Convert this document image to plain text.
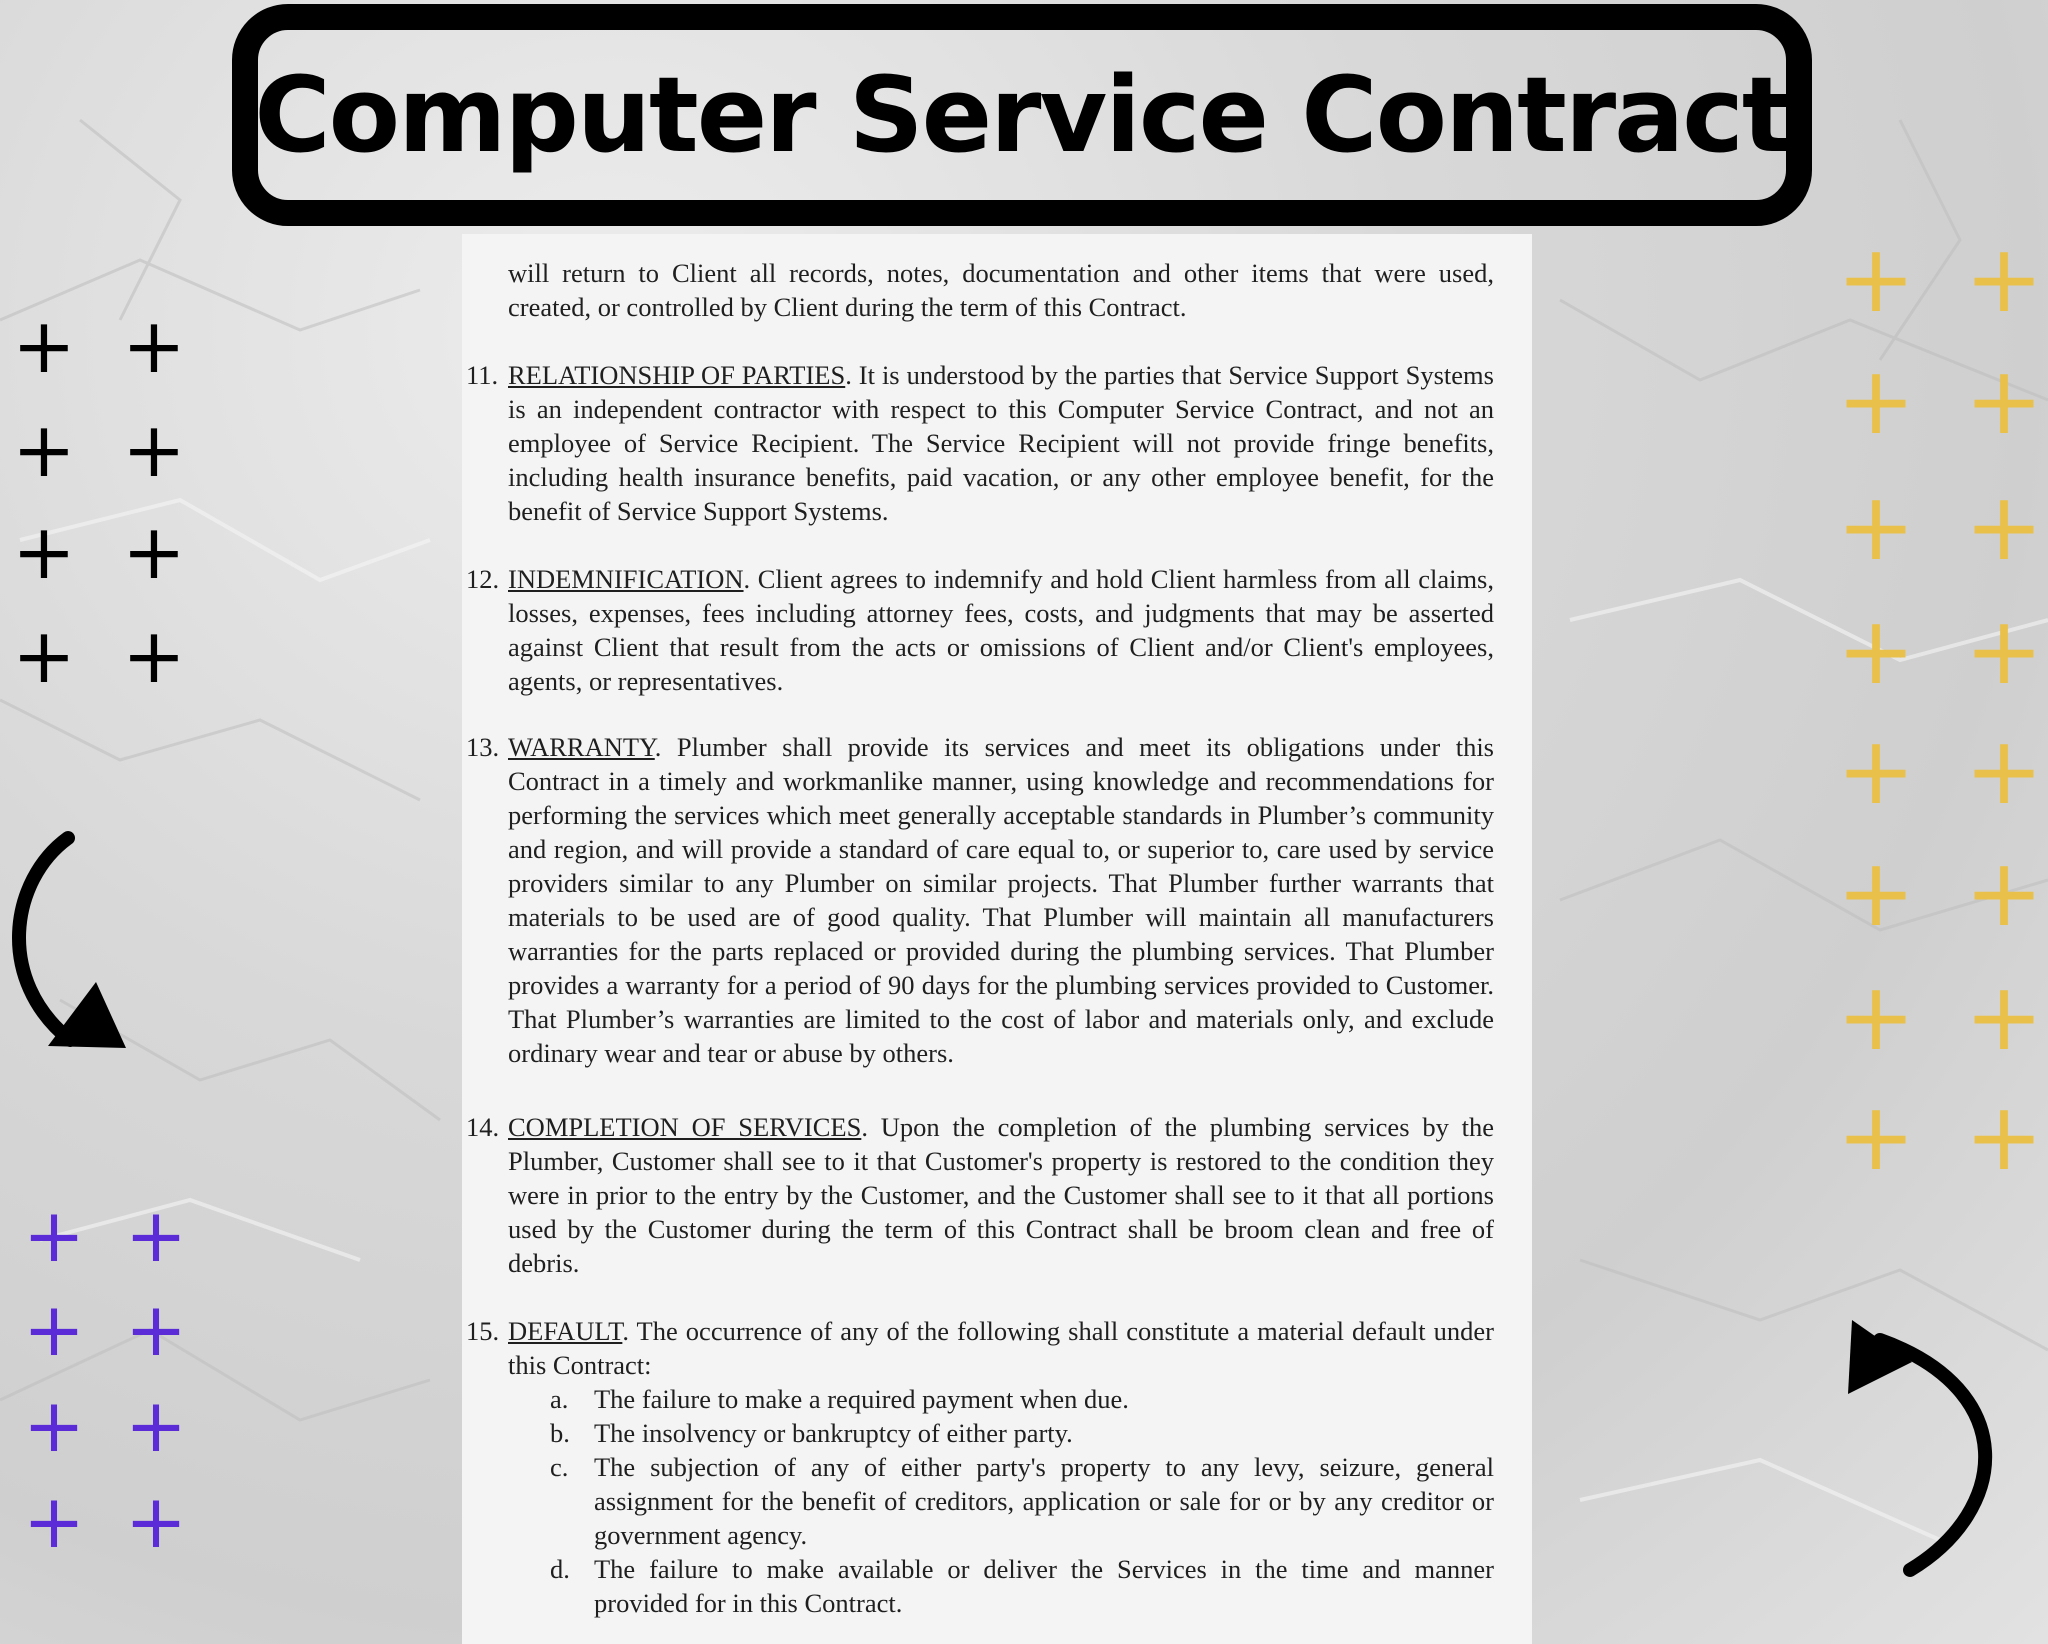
Computer Service Contract
will return to Client all records, notes, documentation and other items that were used, created, or controlled by Client during the term of this Contract.
11. RELATIONSHIP OF PARTIES. It is understood by the parties that Service Support Systems is an independent contractor with respect to this Computer Service Contract, and not an employee of Service Recipient. The Service Recipient will not provide fringe benefits, including health insurance benefits, paid vacation, or any other employee benefit, for the benefit of Service Support Systems.
12. INDEMNIFICATION. Client agrees to indemnify and hold Client harmless from all claims, losses, expenses, fees including attorney fees, costs, and judgments that may be asserted against Client that result from the acts or omissions of Client and/or Client's employees, agents, or representatives.
13. WARRANTY. Plumber shall provide its services and meet its obligations under this Contract in a timely and workmanlike manner, using knowledge and recommendations for performing the services which meet generally acceptable standards in Plumber’s community and region, and will provide a standard of care equal to, or superior to, care used by service providers similar to any Plumber on similar projects. That Plumber further warrants that materials to be used are of good quality. That Plumber will maintain all manufacturers warranties for the parts replaced or provided during the plumbing services. That Plumber provides a warranty for a period of 90 days for the plumbing services provided to Customer. That Plumber’s warranties are limited to the cost of labor and materials only, and exclude ordinary wear and tear or abuse by others.
14. COMPLETION OF SERVICES. Upon the completion of the plumbing services by the Plumber, Customer shall see to it that Customer's property is restored to the condition they were in prior to the entry by the Customer, and the Customer shall see to it that all portions used by the Customer during the term of this Contract shall be broom clean and free of debris.
15. DEFAULT. The occurrence of any of the following shall constitute a material default under this Contract:
a. The failure to make a required payment when due.
b. The insolvency or bankruptcy of either party.
c. The subjection of any of either party's property to any levy, seizure, general assignment for the benefit of creditors, application or sale for or by any creditor or government agency.
d. The failure to make available or deliver the Services in the time and manner provided for in this Contract.
+ +
+ +
+ +
+ +
+ +
+ +
+ +
+ +
+ +
+ +
+ +
+ +
+ +
+ +
+ +
+ +
